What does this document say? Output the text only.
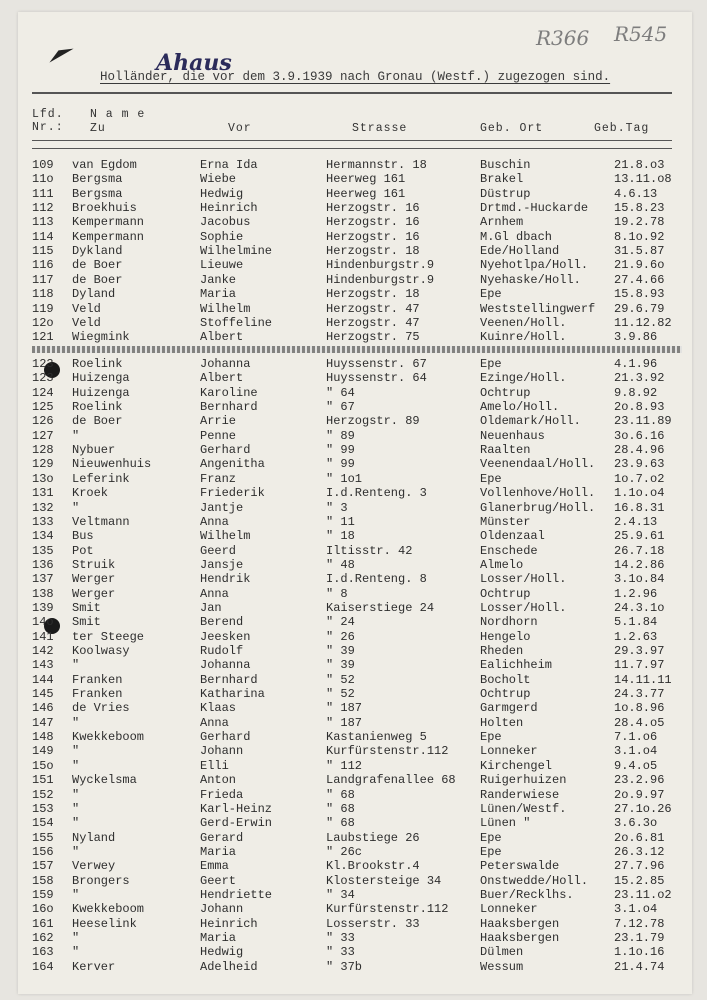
R366 R545
Ahaus
Holländer, die vor dem 3.9.1939 nach Gronau (Westf.) zugezogen sind.
Lfd. Nr.:
N a m e
Zu	Vor	Strasse	Geb. Ort	Geb.Tag
109 van Egdom	Erna Ida	Hermannstr. 18	Buschin	21.8.o3
11o Bergsma	Wiebe	Heerweg 161	Brakel	13.11.o8
111 Bergsma	Hedwig	Heerweg 161	Düstrup	4.6.13
112 Broekhuis	Heinrich	Herzogstr. 16	Drtmd.-Huckarde 15.8.23
113 Kempermann	Jacobus	Herzogstr. 16	Arnhem	19.2.78
114 Kempermann	Sophie	Herzogstr. 16	M.Gl dbach	8.1o.92
115 Dykland	Wilhelmine	Herzogstr. 18	Ede/Holland	31.5.87
116 de Boer	Lieuwe	Hindenburgstr.9	Nyehotlpa/Holl. 21.9.6o
117 de Boer	Janke	Hindenburgstr.9	Nyehaske/Holl.	27.4.66
118 Dyland	Maria	Herzogstr. 18	Epe	15.8.93
119 Veld	Wilhelm	Herzogstr. 47	Weststellingwerf 29.6.79
12o Veld	Stoffeline	Herzogstr. 47	Veenen/Holl.	11.12.82
121 Wiegmink	Albert	Herzogstr. 75	Kuinre/Holl.	3.9.86
123 Roelink	Johanna	Huyssenstr. 67	Epe	4.1.96
123 Huizenga	Albert	Huyssenstr. 64	Ezinge/Holl.	21.3.92
124 Huizenga	Karoline	" 64	Ochtrup	9.8.92
125 Roelink	Bernhard	" 67	Amelo/Holl.	2o.8.93
126 de Boer	Arrie	Herzogstr. 89	Oldemark/Holl.	23.11.89
127 "	Penne	" 89	Neuenhaus	3o.6.16
128 Nybuer	Gerhard	" 99	Raalten	28.4.96
129 Nieuwenhuis	Angenitha	" 99	Veenendaal/Holl. 23.9.63
13o Leferink	Franz	" 1o1	Epe	1o.7.o2
131 Kroek	Friederik	I.d.Renteng. 3	Vollenhove/Holl. 1.1o.o4
132 "	Jantje	" 3	Glanerbrug/Holl. 16.8.31
133 Veltmann	Anna	" 11	Münster	2.4.13
134 Bus	Wilhelm	" 18	Oldenzaal	25.9.61
135 Pot	Geerd	Iltisstr. 42	Enschede	26.7.18
136 Struik	Jansje	" 48	Almelo	14.2.86
137 Werger	Hendrik	I.d.Renteng. 8	Losser/Holl.	3.1o.84
138 Werger	Anna	" 8	Ochtrup	1.2.96
139 Smit	Jan	Kaiserstiege 24	Losser/Holl.	24.3.1o
14o Smit	Berend	" 24	Nordhorn	5.1.84
141 ter Steege	Jeesken	" 26	Hengelo	1.2.63
142 Koolwasy	Rudolf	" 39	Rheden	29.3.97
143 "	Johanna	" 39	Ealichheim	11.7.97
144 Franken	Bernhard	" 52	Bocholt	14.11.11
145 Franken	Katharina	" 52	Ochtrup	24.3.77
146 de Vries	Klaas	" 187	Garmgerd	1o.8.96
147 "	Anna	" 187	Holten	28.4.o5
148 Kwekkeboom	Gerhard	Kastanienweg 5	Epe	7.1.o6
149 "	Johann	Kurfürstenstr.112	Lonneker	3.1.o4
15o "	Elli	" 112	Kirchengel	9.4.o5
151 Wyckelsma	Anton	Landgrafenallee 68 Ruigerhuizen	23.2.96
152 "	Frieda	" 68	Randerwiese	2o.9.97
153 "	Karl-Heinz	" 68	Lünen/Westf.	27.1o.26
154 "	Gerd-Erwin	" 68	Lünen "	3.6.3o
155 Nyland	Gerard	Laubstiege 26	Epe	2o.6.81
156 "	Maria	" 26c	Epe	26.3.12
157 Verwey	Emma	Kl.Brookstr.4	Peterswalde	27.7.96
158 Brongers	Geert	Klostersteige 34	Onstwedde/Holl. 15.2.85
159 "	Hendriette	" 34	Buer/Recklhs.	23.11.o2
16o Kwekkeboom	Johann	Kurfürstenstr.112	Lonneker	3.1.o4
161 Heeselink	Heinrich	Losserstr. 33	Haaksbergen	7.12.78
162 "	Maria	" 33	Haaksbergen	23.1.79
163 "	Hedwig	" 33	Dülmen	1.1o.16
164 Kerver	Adelheid	" 37b	Wessum	21.4.74
